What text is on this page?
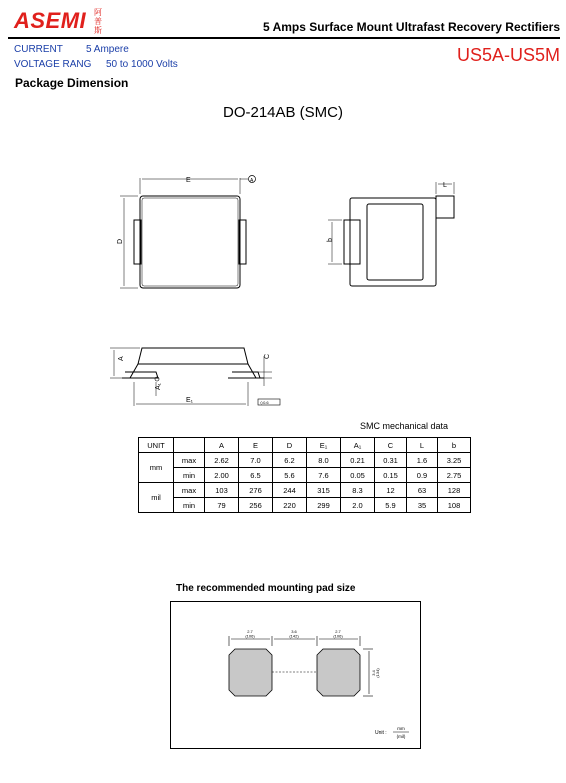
ASEMI 阿普斯	5 Amps Surface Mount Ultrafast Recovery Rectifiers
CURRENT 5 Ampere
VOLTAGE RANG 50 to 1000 Volts	US5A-US5M
Package Dimension
DO-214AB (SMC)
E
D
A
L
b
A	C
A₁
E₁	◇0.6
SMC mechanical data
UNIT		A	E	D	E₁	A₁	C	L	b
mm	max	2.62	7.0	6.2	8.0	0.21	0.31	1.6	3.25
	min	2.00	6.5	5.6	7.6	0.05	0.15	0.9	2.75
mil	max	103	276	244	315	8.3	12	63	128
	min	79	256	220	299	2.0	5.9	35	108
The recommended mounting pad size
2.7
(106)
3.6
(142)
2.7
(106)
3.4 (134)
Unit :
mm
(mil)
